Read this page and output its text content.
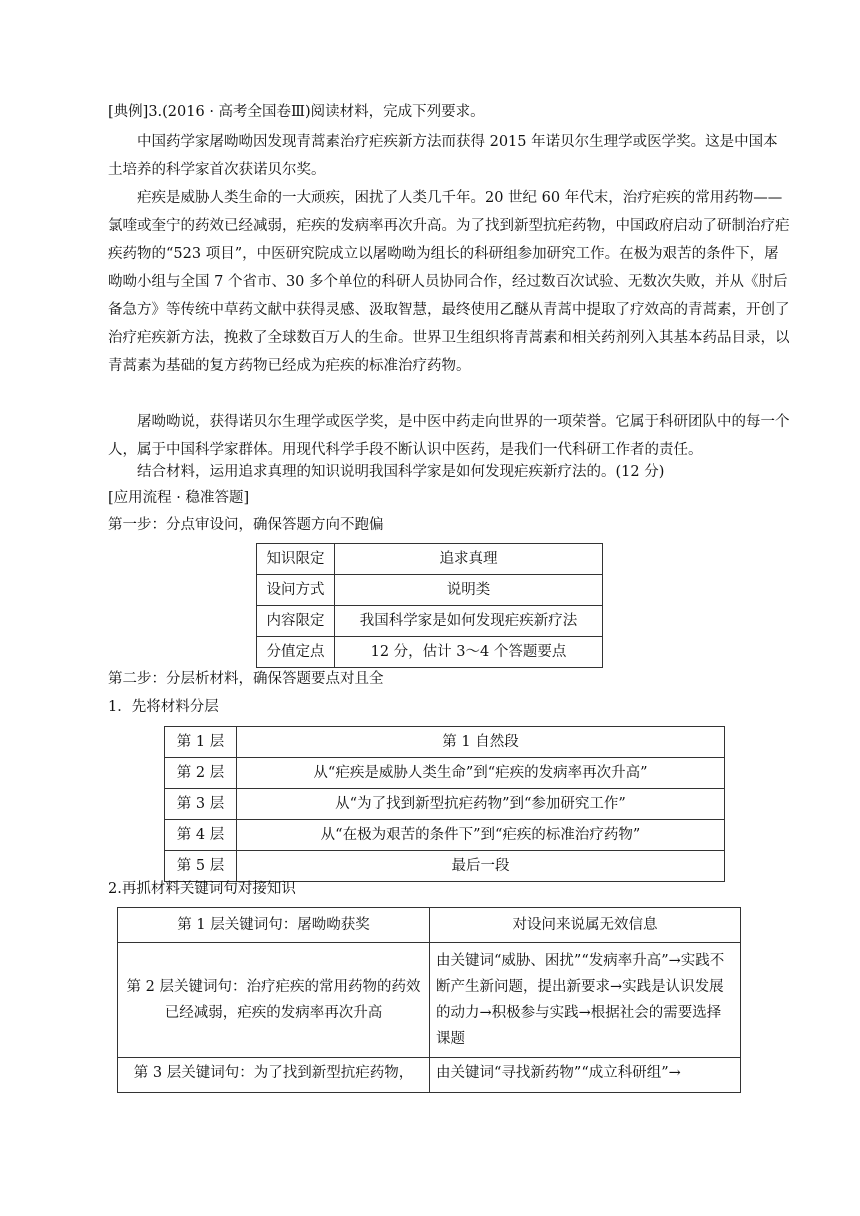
[典例]3.(2016 · 高考全国卷Ⅲ)阅读材料，完成下列要求。

中国药学家屠呦呦因发现青蒿素治疗疟疾新方法而获得 2015 年诺贝尔生理学或医学奖。这是中国本土培养的科学家首次获诺贝尔奖。

疟疾是威胁人类生命的一大顽疾，困扰了人类几千年。20 世纪 60 年代末，治疗疟疾的常用药物——氯喹或奎宁的药效已经减弱，疟疾的发病率再次升高。为了找到新型抗疟药物，中国政府启动了研制治疗疟疾药物的“523 项目”，中医研究院成立以屠呦呦为组长的科研组参加研究工作。在极为艰苦的条件下，屠呦呦小组与全国 7 个省市、30 多个单位的科研人员协同合作，经过数百次试验、无数次失败，并从《肘后备急方》等传统中草药文献中获得灵感、汲取智慧，最终使用乙醚从青蒿中提取了疗效高的青蒿素，开创了治疗疟疾新方法，挽救了全球数百万人的生命。世界卫生组织将青蒿素和相关药剂列入其基本药品目录，以青蒿素为基础的复方药物已经成为疟疾的标准治疗药物。

屠呦呦说，获得诺贝尔生理学或医学奖，是中医中药走向世界的一项荣誉。它属于科研团队中的每一个人，属于中国科学家群体。用现代科学手段不断认识中医药，是我们一代科研工作者的责任。

结合材料，运用追求真理的知识说明我国科学家是如何发现疟疾新疗法的。(12 分)
[应用流程 · 稳准答题]
第一步：分点审设问，确保答题方向不跑偏
知识限定	追求真理
设问方式	说明类
内容限定	我国科学家是如何发现疟疾新疗法
分值定点	12 分，估计 3～4 个答题要点
第二步：分层析材料，确保答题要点对且全
1．先将材料分层
第 1 层	第 1 自然段
第 2 层	从“疟疾是威胁人类生命”到“疟疾的发病率再次升高”
第 3 层	从“为了找到新型抗疟药物”到“参加研究工作”
第 4 层	从“在极为艰苦的条件下”到“疟疾的标准治疗药物”
第 5 层	最后一段
2.再抓材料关键词句对接知识
第 1 层关键词句：屠呦呦获奖	对设问来说属无效信息
第 2 层关键词句：治疗疟疾的常用药物的药效已经减弱，疟疾的发病率再次升高	由关键词“威胁、困扰”“发病率升高”→实践不断产生新问题，提出新要求→实践是认识发展的动力→积极参与实践→根据社会的需要选择课题
第 3 层关键词句：为了找到新型抗疟药物，	由关键词“寻找新药物”“成立科研组”→
